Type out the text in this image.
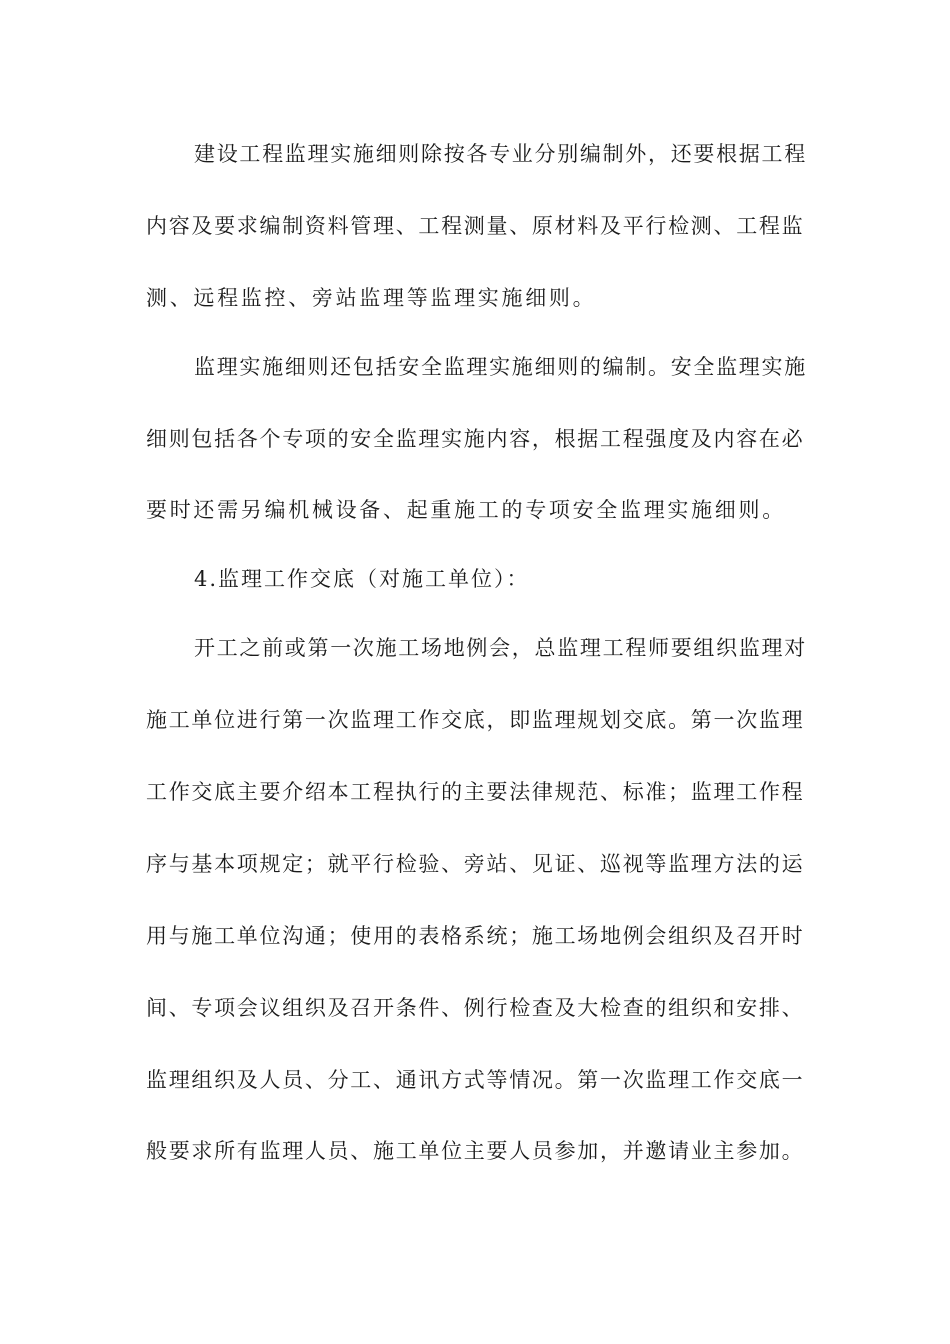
建设工程监理实施细则除按各专业分别编制外，还要根据工程
内容及要求编制资料管理、工程测量、原材料及平行检测、工程监
测、远程监控、旁站监理等监理实施细则。
监理实施细则还包括安全监理实施细则的编制。安全监理实施
细则包括各个专项的安全监理实施内容，根据工程强度及内容在必
要时还需另编机械设备、起重施工的专项安全监理实施细则。
4.监理工作交底（对施工单位）：
开工之前或第一次施工场地例会，总监理工程师要组织监理对
施工单位进行第一次监理工作交底，即监理规划交底。第一次监理
工作交底主要介绍本工程执行的主要法律规范、标准；监理工作程
序与基本项规定；就平行检验、旁站、见证、巡视等监理方法的运
用与施工单位沟通；使用的表格系统；施工场地例会组织及召开时
间、专项会议组织及召开条件、例行检查及大检查的组织和安排、
监理组织及人员、分工、通讯方式等情况。第一次监理工作交底一
般要求所有监理人员、施工单位主要人员参加，并邀请业主参加。
